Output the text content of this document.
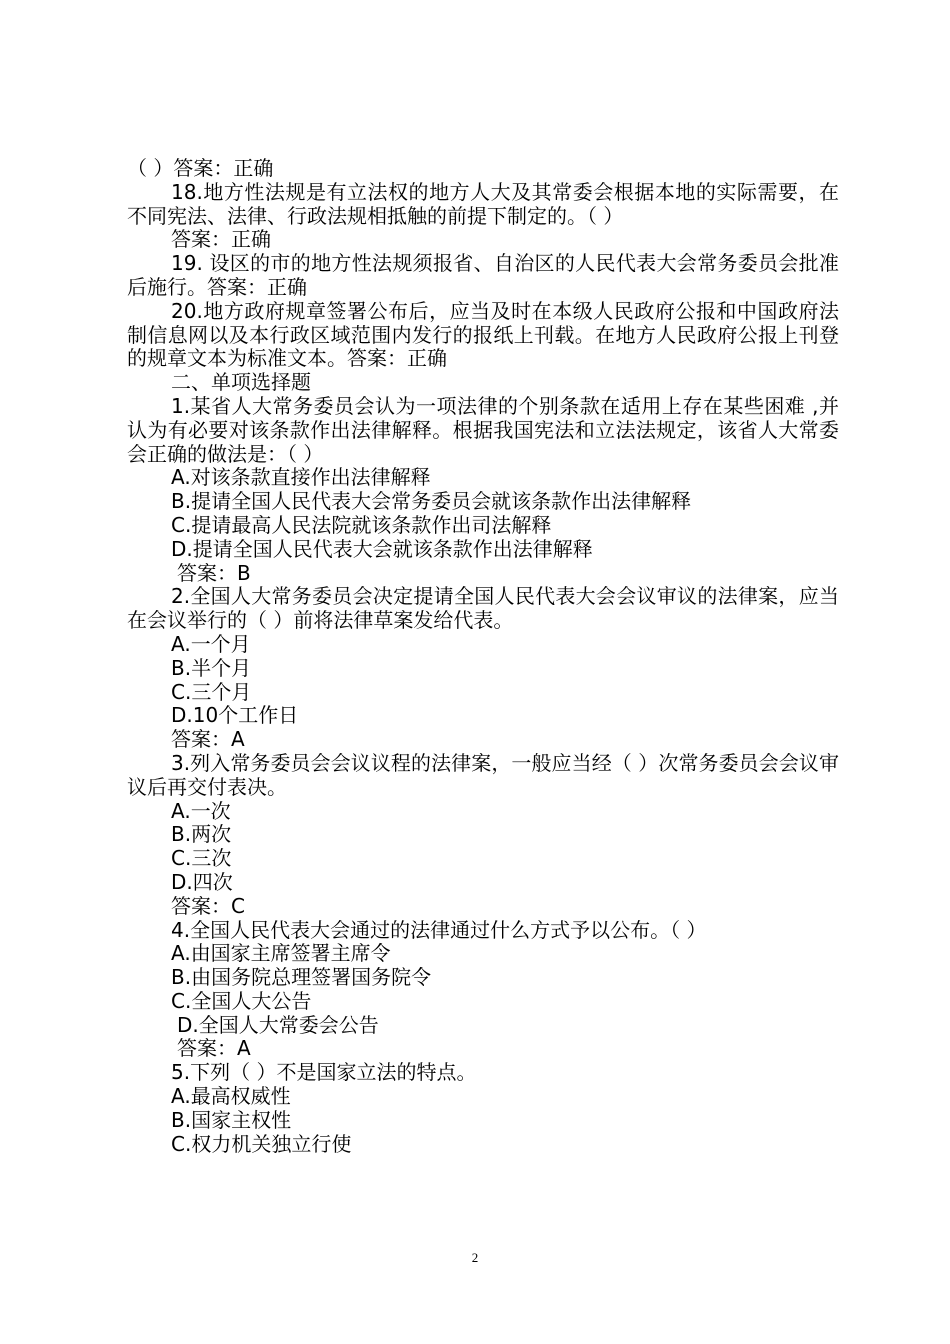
（ ）答案：正确
18.地方性法规是有立法权的地方人大及其常委会根据本地的实际需要，在不同宪法、法律、行政法规相抵触的前提下制定的。（ ）
答案：正确
19. 设区的市的地方性法规须报省、自治区的人民代表大会常务委员会批准后施行。答案：正确
20.地方政府规章签署公布后，应当及时在本级人民政府公报和中国政府法制信息网以及本行政区域范围内发行的报纸上刊载。在地方人民政府公报上刊登的规章文本为标准文本。答案：正确
二、单项选择题
1.某省人大常务委员会认为一项法律的个别条款在适用上存在某些困难 ,并认为有必要对该条款作出法律解释。根据我国宪法和立法法规定，该省人大常委会正确的做法是：（ ）
A.对该条款直接作出法律解释
B.提请全国人民代表大会常务委员会就该条款作出法律解释
C.提请最高人民法院就该条款作出司法解释
D.提请全国人民代表大会就该条款作出法律解释
答案：B
2.全国人大常务委员会决定提请全国人民代表大会会议审议的法律案，应当在会议举行的（ ）前将法律草案发给代表。
A.一个月
B.半个月
C.三个月
D.10个工作日
答案：A
3.列入常务委员会会议议程的法律案，一般应当经（ ）次常务委员会会议审议后再交付表决。
A.一次
B.两次
C.三次
D.四次
答案：C
4.全国人民代表大会通过的法律通过什么方式予以公布。（ ）
A.由国家主席签署主席令
B.由国务院总理签署国务院令
C.全国人大公告
D.全国人大常委会公告
答案：A
5.下列（ ）不是国家立法的特点。
A.最高权威性
B.国家主权性
C.权力机关独立行使
2
